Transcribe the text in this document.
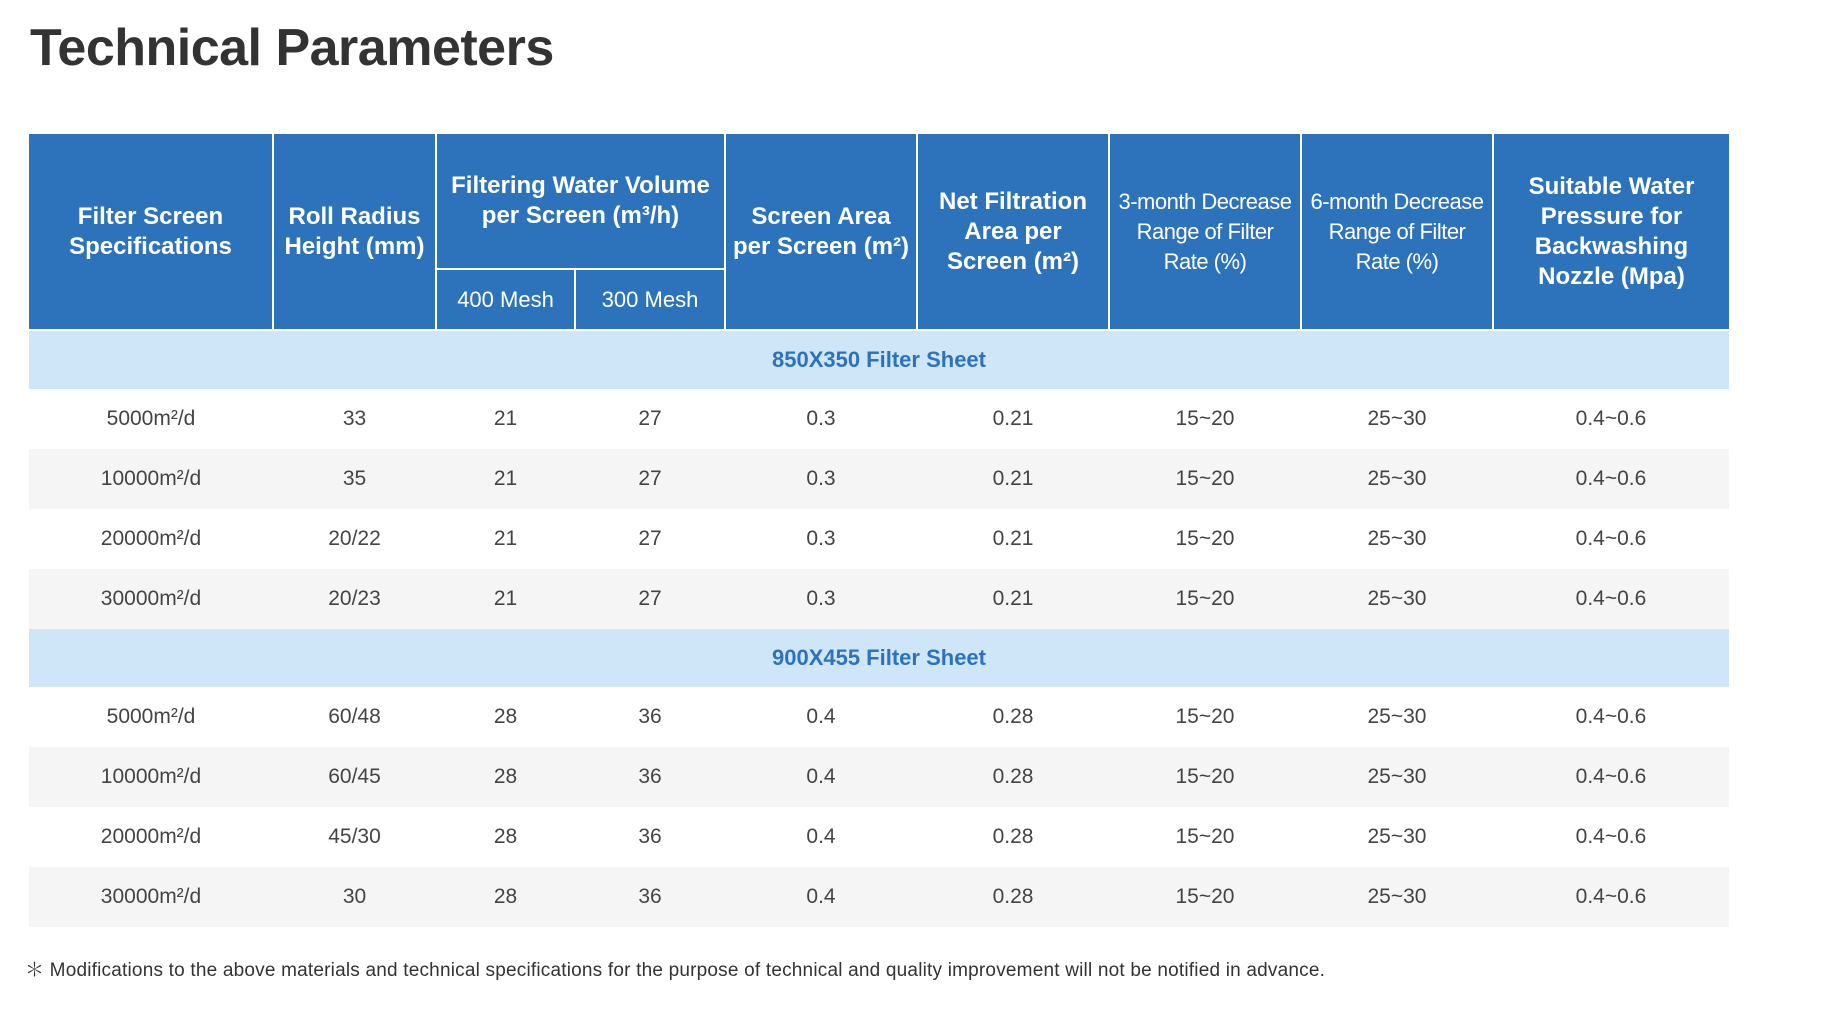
Technical Parameters
Filter Screen Specifications	Roll Radius Height (mm)	Filtering Water Volume per Screen (m³/h)		Screen Area per Screen (m²)	Net Filtration Area per Screen (m²)	3-month Decrease Range of Filter Rate (%)	6-month Decrease Range of Filter Rate (%)	Suitable Water Pressure for Backwashing Nozzle (Mpa)
		400 Mesh	300 Mesh					
850X350 Filter Sheet								
5000m²/d	33	21	27	0.3	0.21	15~20	25~30	0.4~0.6
10000m²/d	35	21	27	0.3	0.21	15~20	25~30	0.4~0.6
20000m²/d	20/22	21	27	0.3	0.21	15~20	25~30	0.4~0.6
30000m²/d	20/23	21	27	0.3	0.21	15~20	25~30	0.4~0.6
900X455 Filter Sheet								
5000m²/d	60/48	28	36	0.4	0.28	15~20	25~30	0.4~0.6
10000m²/d	60/45	28	36	0.4	0.28	15~20	25~30	0.4~0.6
20000m²/d	45/30	28	36	0.4	0.28	15~20	25~30	0.4~0.6
30000m²/d	30	28	36	0.4	0.28	15~20	25~30	0.4~0.6
＊ Modifications to the above materials and technical specifications for the purpose of technical and quality improvement will not be notified in advance.
